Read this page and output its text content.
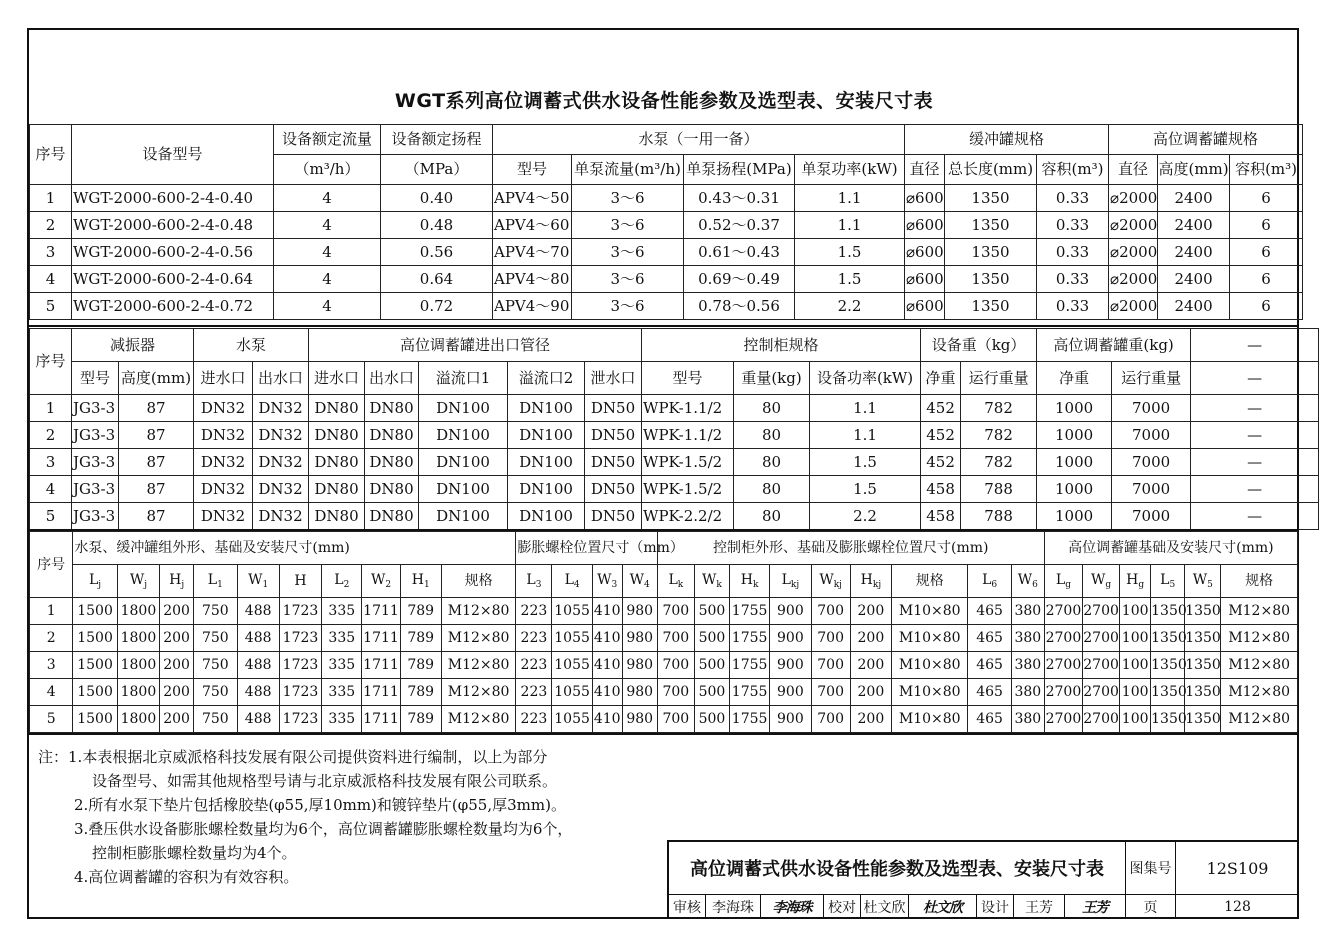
WGT系列高位调蓄式供水设备性能参数及选型表、安装尺寸表
序号	设备型号	设备额定流量	设备额定扬程	水泵（一用一备）				缓冲罐规格			高位调蓄罐规格		
		（m³/h）	（MPa）	型号	单泵流量(m³/h)	单泵扬程(MPa)	单泵功率(kW)	直径	总长度(mm)	容积(m³)	直径	高度(mm)	容积(m³)
1	WGT-2000-600-2-4-0.40	4	0.40	APV4～50	3～6	0.43～0.31	1.1	⌀600	1350	0.33	⌀2000	2400	6
2	WGT-2000-600-2-4-0.48	4	0.48	APV4～60	3～6	0.52～0.37	1.1	⌀600	1350	0.33	⌀2000	2400	6
3	WGT-2000-600-2-4-0.56	4	0.56	APV4～70	3～6	0.61～0.43	1.5	⌀600	1350	0.33	⌀2000	2400	6
4	WGT-2000-600-2-4-0.64	4	0.64	APV4～80	3～6	0.69～0.49	1.5	⌀600	1350	0.33	⌀2000	2400	6
5	WGT-2000-600-2-4-0.72	4	0.72	APV4～90	3～6	0.78～0.56	2.2	⌀600	1350	0.33	⌀2000	2400	6
序号	减振器		水泵		高位调蓄罐进出口管径					控制柜规格			设备重（kg）		高位调蓄罐重(kg)		—
	型号	高度(mm)	进水口	出水口	进水口	出水口	溢流口1	溢流口2	泄水口	型号	重量(kg)	设备功率(kW)	净重	运行重量	净重	运行重量	—
1	JG3-3	87	DN32	DN32	DN80	DN80	DN100	DN100	DN50	WPK-1.1/2	80	1.1	452	782	1000	7000	—
2	JG3-3	87	DN32	DN32	DN80	DN80	DN100	DN100	DN50	WPK-1.1/2	80	1.1	452	782	1000	7000	—
3	JG3-3	87	DN32	DN32	DN80	DN80	DN100	DN100	DN50	WPK-1.5/2	80	1.5	452	782	1000	7000	—
4	JG3-3	87	DN32	DN32	DN80	DN80	DN100	DN100	DN50	WPK-1.5/2	80	1.5	458	788	1000	7000	—
5	JG3-3	87	DN32	DN32	DN80	DN80	DN100	DN100	DN50	WPK-2.2/2	80	2.2	458	788	1000	7000	—
序号	水泵、缓冲罐组外形、基础及安装尺寸(mm)										膨胀螺栓位置尺寸（mm）				控制柜外形、基础及膨胀螺栓位置尺寸(mm)									高位调蓄罐基础及安装尺寸(mm)					
	$L_j$	$W_j$	$H_j$	$L_1$	$W_1$	H	$L_2$	$W_2$	$H_1$	规格	$L_3$	$L_4$	$W_3$	$W_4$	$L_k$	$W_k$	$H_k$	$L_{kj}$	$W_{kj}$	$H_{kj}$	规格	$L_6$	$W_6$	$L_g$	$W_g$	$H_g$	$L_5$	$W_5$	规格
1	1500	1800	200	750	488	1723	335	1711	789	M12×80	223	1055	410	980	700	500	1755	900	700	200	M10×80	465	380	2700	2700	100	1350	1350	M12×80
2	1500	1800	200	750	488	1723	335	1711	789	M12×80	223	1055	410	980	700	500	1755	900	700	200	M10×80	465	380	2700	2700	100	1350	1350	M12×80
3	1500	1800	200	750	488	1723	335	1711	789	M12×80	223	1055	410	980	700	500	1755	900	700	200	M10×80	465	380	2700	2700	100	1350	1350	M12×80
4	1500	1800	200	750	488	1723	335	1711	789	M12×80	223	1055	410	980	700	500	1755	900	700	200	M10×80	465	380	2700	2700	100	1350	1350	M12×80
5	1500	1800	200	750	488	1723	335	1711	789	M12×80	223	1055	410	980	700	500	1755	900	700	200	M10×80	465	380	2700	2700	100	1350	1350	M12×80
注：1.本表根据北京威派格科技发展有限公司提供资料进行编制，以上为部分
设备型号、如需其他规格型号请与北京威派格科技发展有限公司联系。
2.所有水泵下垫片包括橡胶垫(φ55,厚10mm)和镀锌垫片(φ55,厚3mm)。
3.叠压供水设备膨胀螺栓数量均为6个，高位调蓄罐膨胀螺栓数量均为6个，
控制柜膨胀螺栓数量均为4个。
4.高位调蓄罐的容积为有效容积。	高位调蓄式供水设备性能参数及选型表、安装尺寸表	图集号	12S109
审核 李海珠	李海珠	校对 杜文欣	杜文欣	设计	王芳	王芳	页	128
